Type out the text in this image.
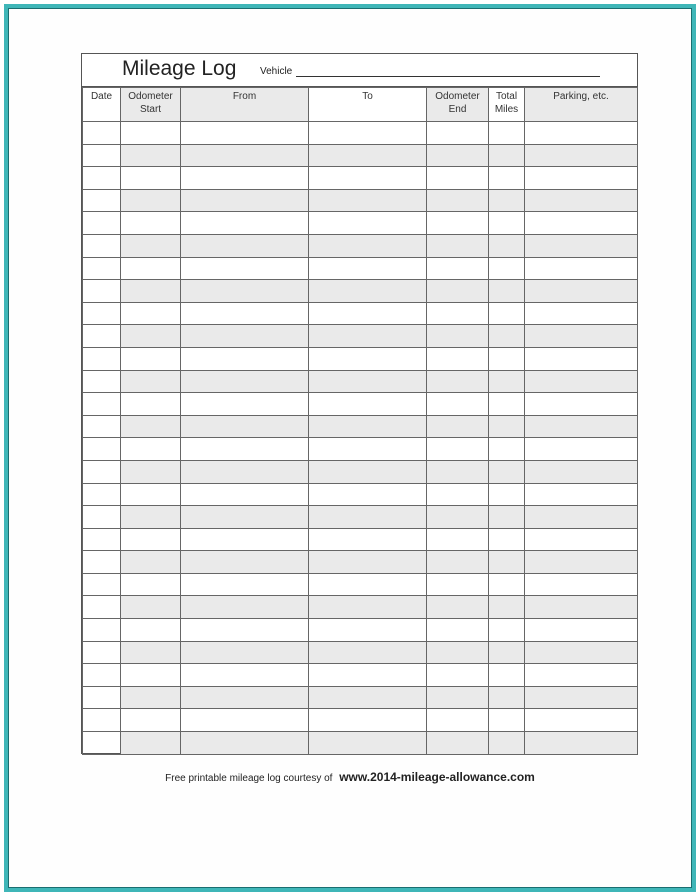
Mileage Log Vehicle
Date	Odometer Start	From	To	Odometer End	Total Miles	Parking, etc.

Free printable mileage log courtesy of www.2014-mileage-allowance.com
